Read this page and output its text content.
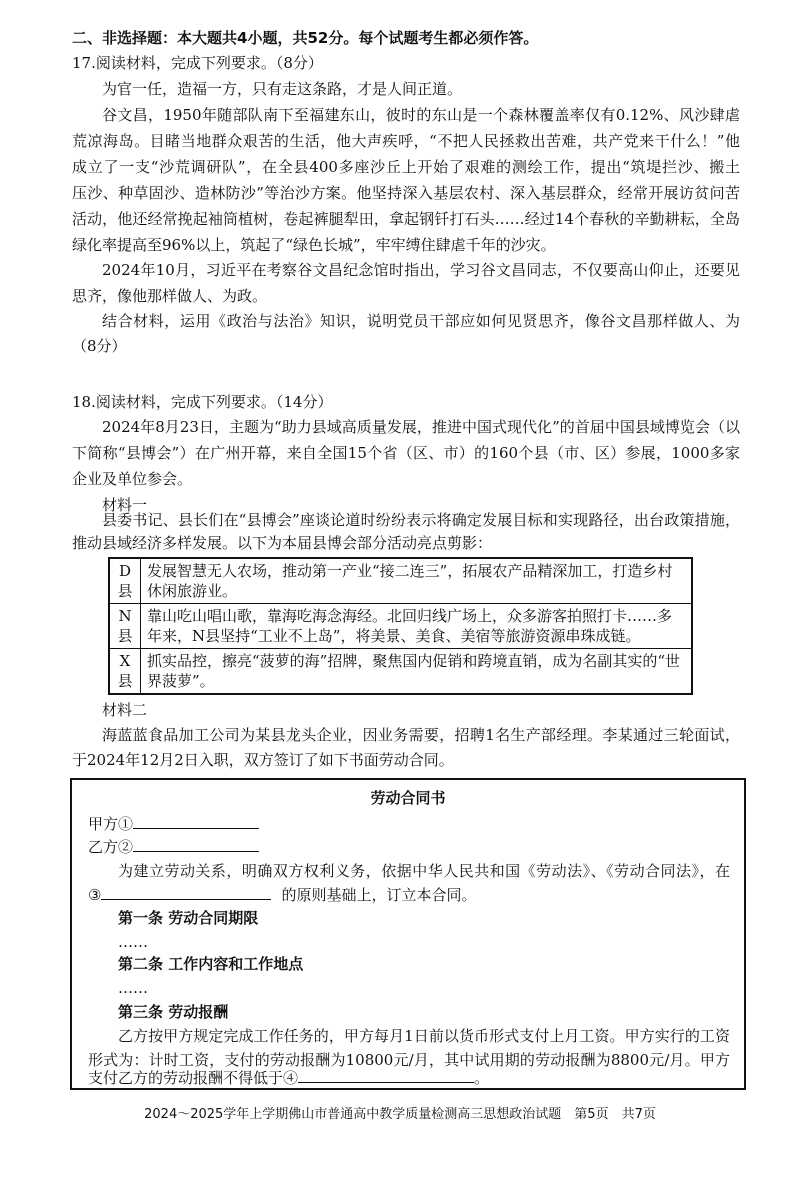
二、非选择题：本大题共4小题，共52分。每个试题考生都必须作答。
17.阅读材料，完成下列要求。（8分）
为官一任，造福一方，只有走这条路，才是人间正道。
谷文昌，1950年随部队南下至福建东山，彼时的东山是一个森林覆盖率仅有0.12%、风沙肆虐
荒凉海岛。目睹当地群众艰苦的生活，他大声疾呼，“不把人民拯救出苦难，共产党来干什么！”他
成立了一支“沙荒调研队”，在全县400多座沙丘上开始了艰难的测绘工作，提出“筑堤拦沙、搬土
压沙、种草固沙、造林防沙”等治沙方案。他坚持深入基层农村、深入基层群众，经常开展访贫问苦
活动，他还经常挽起袖筒植树，卷起裤腿犁田，拿起钢钎打石头……经过14个春秋的辛勤耕耘，全岛
绿化率提高至96%以上，筑起了“绿色长城”，牢牢缚住肆虐千年的沙灾。
2024年10月，习近平在考察谷文昌纪念馆时指出，学习谷文昌同志，不仅要高山仰止，还要见
思齐，像他那样做人、为政。
结合材料，运用《政治与法治》知识，说明党员干部应如何见贤思齐，像谷文昌那样做人、为
（8分）
18.阅读材料，完成下列要求。（14分）
2024年8月23日，主题为“助力县域高质量发展，推进中国式现代化”的首届中国县域博览会（以
下简称“县博会”）在广州开幕，来自全国15个省（区、市）的160个县（市、区）参展，1000多家
企业及单位参会。
材料一
县委书记、县长们在“县博会”座谈论道时纷纷表示将确定发展目标和实现路径，出台政策措施，
推动县域经济多样发展。以下为本届县博会部分活动亮点剪影：
D县	发展智慧无人农场，推动第一产业“接二连三”，拓展农产品精深加工，打造乡村休闲旅游业。
N县	靠山吃山唱山歌，靠海吃海念海经。北回归线广场上，众多游客拍照打卡……多年来，N县坚持“工业不上岛”，将美景、美食、美宿等旅游资源串珠成链。
X县	抓实品控，擦亮“菠萝的海”招牌，聚焦国内促销和跨境直销，成为名副其实的“世界菠萝”。
材料二
海蓝蓝食品加工公司为某县龙头企业，因业务需要，招聘1名生产部经理。李某通过三轮面试，
于2024年12月2日入职，双方签订了如下书面劳动合同。
劳动合同书
甲方①
乙方②
为建立劳动关系，明确双方权利义务，依据中华人民共和国《劳动法》、《劳动合同法》，在
③	的原则基础上，订立本合同。
第一条 劳动合同期限
……
第二条 工作内容和工作地点
……
第三条 劳动报酬
乙方按甲方规定完成工作任务的，甲方每月1日前以货币形式支付上月工资。甲方实行的工资
形式为：计时工资，支付的劳动报酬为10800元/月，其中试用期的劳动报酬为8800元/月。甲方
支付乙方的劳动报酬不得低于④	。
2024～2025学年上学期佛山市普通高中教学质量检测高三思想政治试题　第5页　共7页
